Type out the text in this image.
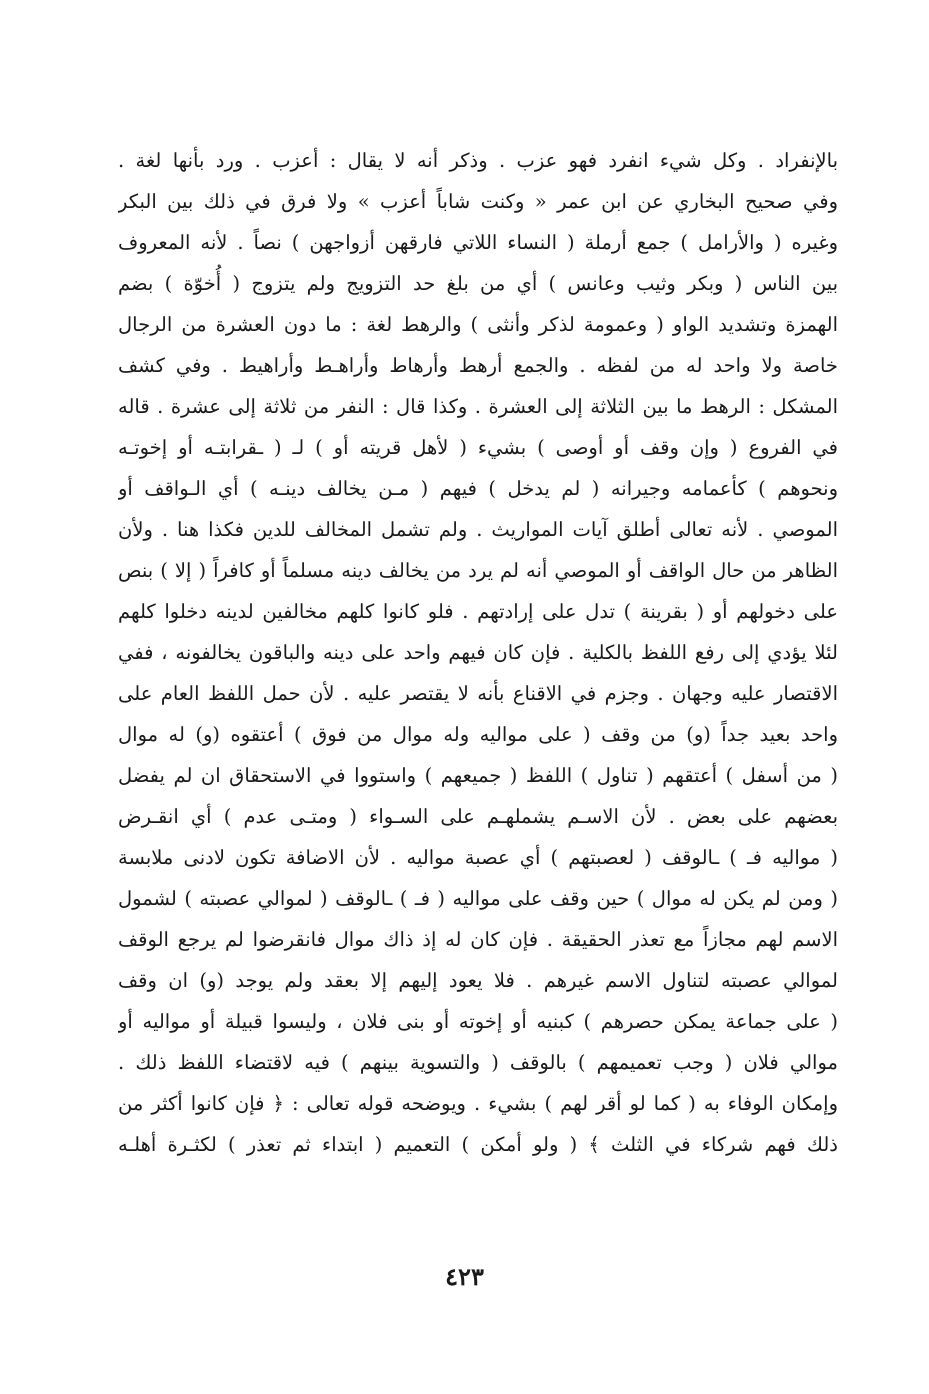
بالإنفراد . وكل شيء انفرد فهو عزب . وذكر أنه لا يقال : أعزب . ورد بأنها لغة .
وفي صحيح البخاري عن ابن عمر « وكنت شاباً أعزب » ولا فرق في ذلك بين البكر
وغيره ( والأرامل ) جمع أرملة ( النساء اللاتي فارقهن أزواجهن ) نصاً . لأنه المعروف
بين الناس ( وبكر وثيب وعانس ) أي من بلغ حد التزويج ولم يتزوج ( أُخوّة ) بضم
الهمزة وتشديد الواو ( وعمومة لذكر وأنثى ) والرهط لغة : ما دون العشرة من الرجال
خاصة ولا واحد له من لفظه . والجمع أرهط وأرهاط وأراهـط وأراهيط . وفي كشف
المشكل : الرهط ما بين الثلاثة إلى العشرة . وكذا قال : النفر من ثلاثة إلى عشرة . قاله
في الفروع ( وإن وقف أو أوصى ) بشيء ( لأهل قريته أو ) لـ ( ـقرابتـه أو إخوتـه
ونحوهم ) كأعمامه وجيرانه ( لم يدخل ) فيهم ( مـن يخالف دينـه ) أي الـواقف أو
الموصي . لأنه تعالى أطلق آيات المواريث . ولم تشمل المخالف للدين فكذا هنا . ولأن
الظاهر من حال الواقف أو الموصي أنه لم يرد من يخالف دينه مسلماً أو كافراً ( إلا ) بنص
على دخولهم أو ( بقرينة ) تدل على إرادتهم . فلو كانوا كلهم مخالفين لدينه دخلوا كلهم
لئلا يؤدي إلى رفع اللفظ بالكلية . فإن كان فيهم واحد على دينه والباقون يخالفونه ، ففي
الاقتصار عليه وجهان . وجزم في الاقناع بأنه لا يقتصر عليه . لأن حمل اللفظ العام على
واحد بعيد جداً (و) من وقف ( على مواليه وله موال من فوق ) أعتقوه (و) له موال
( من أسفل ) أعتقهم ( تناول ) اللفظ ( جميعهم ) واستووا في الاستحقاق ان لم يفضل
بعضهم على بعض . لأن الاسـم يشملهـم على السـواء ( ومتـى عدم ) أي انقـرض
( مواليه فـ ) ـالوقف ( لعصبتهم ) أي عصبة مواليه . لأن الاضافة تكون لادنى ملابسة
( ومن لم يكن له موال ) حين وقف على مواليه ( فـ ) ـالوقف ( لموالي عصبته ) لشمول
الاسم لهم مجازاً مع تعذر الحقيقة . فإن كان له إذ ذاك موال فانقرضوا لم يرجع الوقف
لموالي عصبته لتناول الاسم غيرهم . فلا يعود إليهم إلا بعقد ولم يوجد (و) ان وقف
( على جماعة يمكن حصرهم ) كبنيه أو إخوته أو بنى فلان ، وليسوا قبيلة أو مواليه أو
موالي فلان ( وجب تعميمهم ) بالوقف ( والتسوية بينهم ) فيه لاقتضاء اللفظ ذلك .
وإمكان الوفاء به ( كما لو أقر لهم ) بشيء . ويوضحه قوله تعالى : ﴿ فإن كانوا أكثر من
ذلك فهم شركاء في الثلث ﴾ ( ولو أمكن ) التعميم ( ابتداء ثم تعذر ) لكثـرة أهلـه
٤٢٣
